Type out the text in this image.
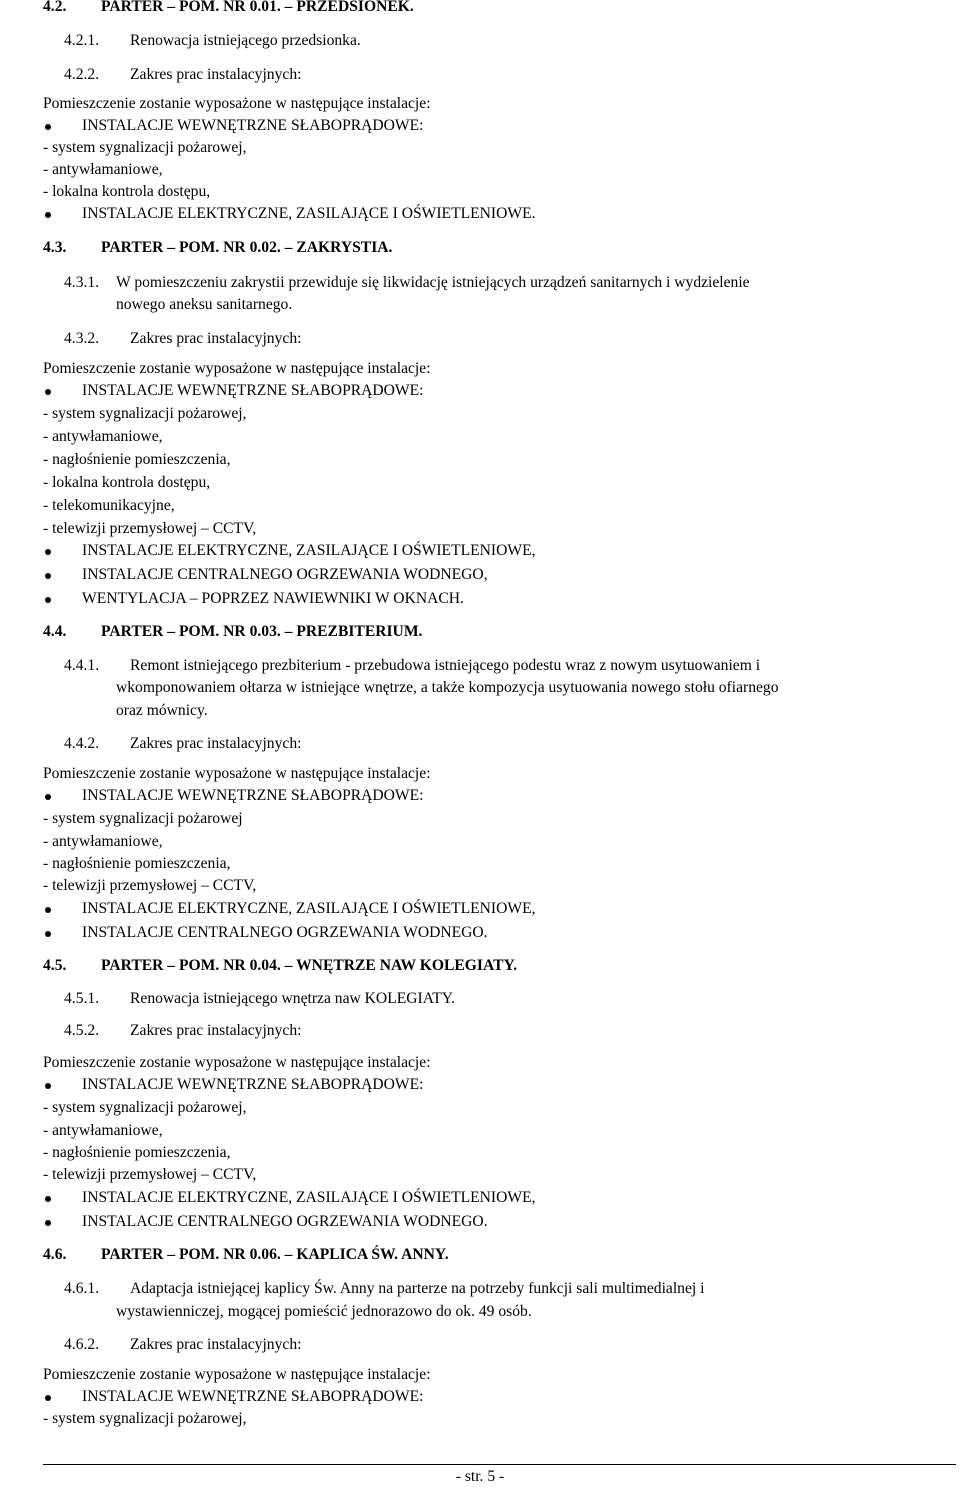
4.2. PARTER – POM. NR 0.01. – PRZEDSIONEK.
4.2.1. Renowacja istniejącego przedsionka.
4.2.2. Zakres prac instalacyjnych:
Pomieszczenie zostanie wyposażone w następujące instalacje:
INSTALACJE WEWNĘTRZNE SŁABOPRĄDOWE:
- system sygnalizacji pożarowej,
- antywłamaniowe,
- lokalna kontrola dostępu,
INSTALACJE ELEKTRYCZNE, ZASILAJĄCE I OŚWIETLENIOWE.
4.3. PARTER – POM. NR 0.02. – ZAKRYSTIA.
4.3.1. W pomieszczeniu zakrystii przewiduje się likwidację istniejących urządzeń sanitarnych i wydzielenie
nowego aneksu sanitarnego.
4.3.2. Zakres prac instalacyjnych:
Pomieszczenie zostanie wyposażone w następujące instalacje:
INSTALACJE WEWNĘTRZNE SŁABOPRĄDOWE:
- system sygnalizacji pożarowej,
- antywłamaniowe,
- nagłośnienie pomieszczenia,
- lokalna kontrola dostępu,
- telekomunikacyjne,
- telewizji przemysłowej – CCTV,
INSTALACJE ELEKTRYCZNE, ZASILAJĄCE I OŚWIETLENIOWE,
INSTALACJE CENTRALNEGO OGRZEWANIA WODNEGO,
WENTYLACJA – POPRZEZ NAWIEWNIKI W OKNACH.
4.4. PARTER – POM. NR 0.03. – PREZBITERIUM.
4.4.1. Remont istniejącego prezbiterium - przebudowa istniejącego podestu wraz z nowym usytuowaniem i
wkomponowaniem ołtarza w istniejące wnętrze, a także kompozycja usytuowania nowego stołu ofiarnego
oraz mównicy.
4.4.2. Zakres prac instalacyjnych:
Pomieszczenie zostanie wyposażone w następujące instalacje:
INSTALACJE WEWNĘTRZNE SŁABOPRĄDOWE:
- system sygnalizacji pożarowej
- antywłamaniowe,
- nagłośnienie pomieszczenia,
- telewizji przemysłowej – CCTV,
INSTALACJE ELEKTRYCZNE, ZASILAJĄCE I OŚWIETLENIOWE,
INSTALACJE CENTRALNEGO OGRZEWANIA WODNEGO.
4.5. PARTER – POM. NR 0.04. – WNĘTRZE NAW KOLEGIATY.
4.5.1. Renowacja istniejącego wnętrza naw KOLEGIATY.
4.5.2. Zakres prac instalacyjnych:
Pomieszczenie zostanie wyposażone w następujące instalacje:
INSTALACJE WEWNĘTRZNE SŁABOPRĄDOWE:
- system sygnalizacji pożarowej,
- antywłamaniowe,
- nagłośnienie pomieszczenia,
- telewizji przemysłowej – CCTV,
INSTALACJE ELEKTRYCZNE, ZASILAJĄCE I OŚWIETLENIOWE,
INSTALACJE CENTRALNEGO OGRZEWANIA WODNEGO.
4.6. PARTER – POM. NR 0.06. – KAPLICA ŚW. ANNY.
4.6.1. Adaptacja istniejącej kaplicy Św. Anny na parterze na potrzeby funkcji sali multimedialnej i
wystawienniczej, mogącej pomieścić jednorazowo do ok. 49 osób.
4.6.2. Zakres prac instalacyjnych:
Pomieszczenie zostanie wyposażone w następujące instalacje:
INSTALACJE WEWNĘTRZNE SŁABOPRĄDOWE:
- system sygnalizacji pożarowej,
- str. 5 -
